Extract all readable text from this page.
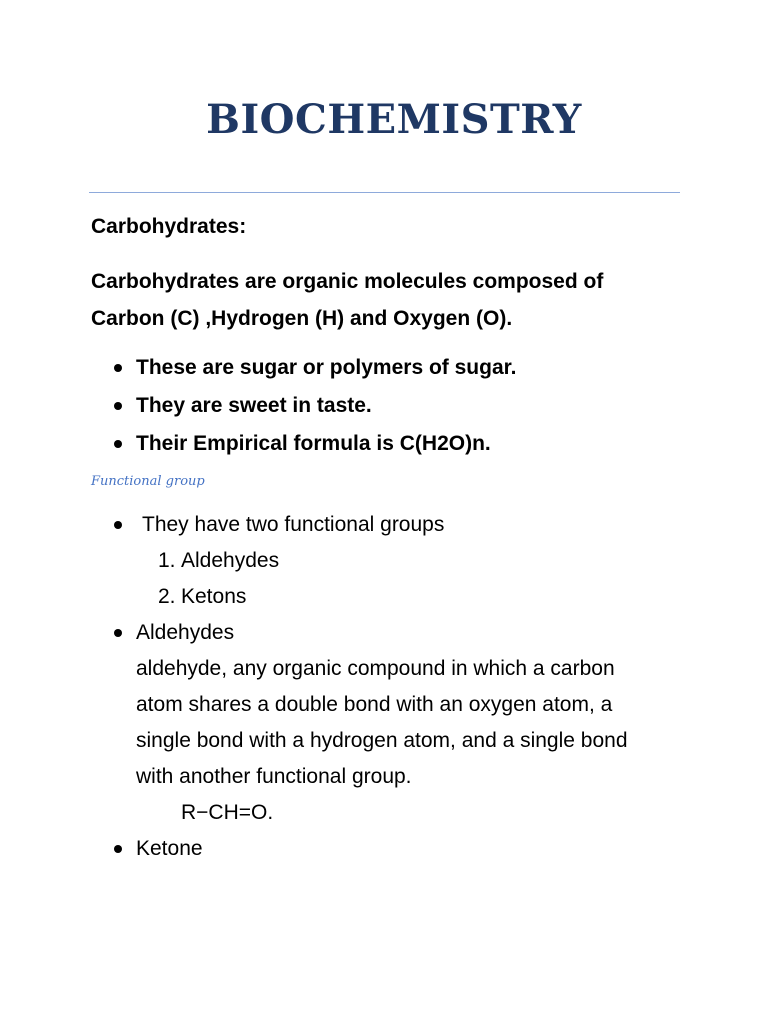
BIOCHEMISTRY

Carbohydrates:

Carbohydrates are organic molecules composed of
Carbon (C) ,Hydrogen (H) and Oxygen (O).

These are sugar or polymers of sugar.
They are sweet in taste.
Their Empirical formula is C(H2O)n.

Functional group

They have two functional groups
1. Aldehydes
2. Ketons
Aldehydes
aldehyde, any organic compound in which a carbon
atom shares a double bond with an oxygen atom, a
single bond with a hydrogen atom, and a single bond
with another functional group.
R−CH=O.
Ketone
